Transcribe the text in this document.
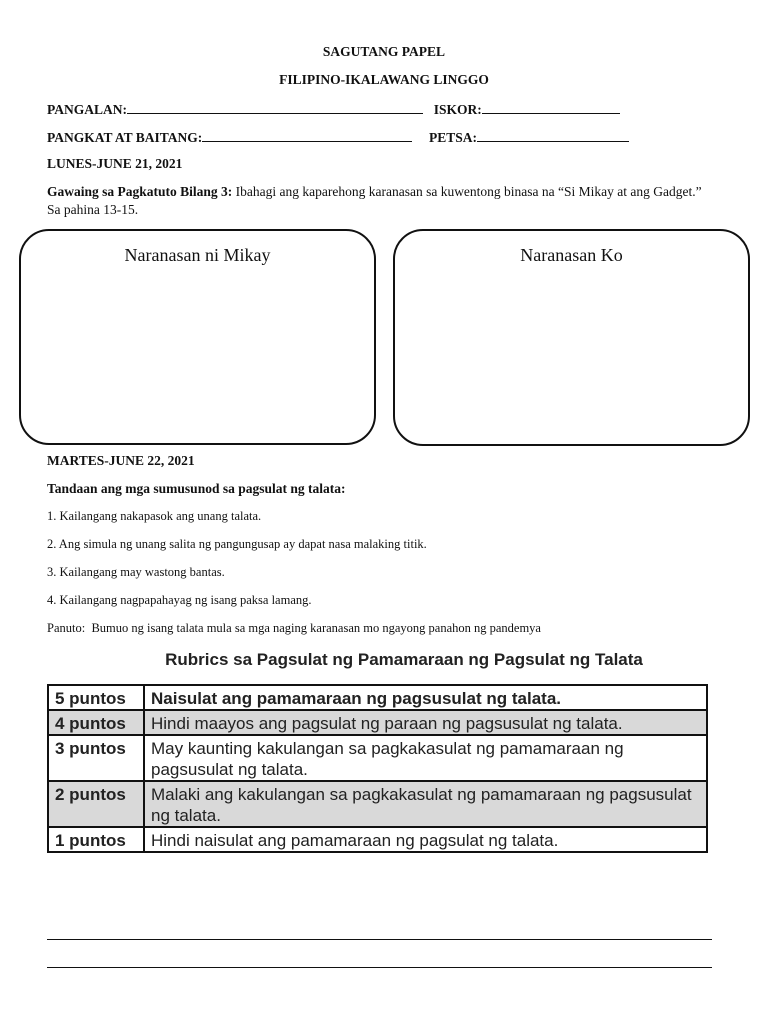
SAGUTANG PAPEL
FILIPINO-IKALAWANG LINGGO
PANGALAN:	ISKOR:
PANGKAT AT BAITANG:	PETSA:
LUNES-JUNE 21, 2021
Gawaing sa Pagkatuto Bilang 3: Ibahagi ang kaparehong karanasan sa kuwentong binasa na “Si Mikay at ang Gadget.” Sa pahina 13-15.
Naranasan ni Mikay	Naranasan Ko
MARTES-JUNE 22, 2021
Tandaan ang mga sumusunod sa pagsulat ng talata:
1. Kailangang nakapasok ang unang talata.
2. Ang simula ng unang salita ng pangungusap ay dapat nasa malaking titik.
3. Kailangang may wastong bantas.
4. Kailangang nagpapahayag ng isang paksa lamang.
Panuto:  Bumuo ng isang talata mula sa mga naging karanasan mo ngayong panahon ng pandemya
Rubrics sa Pagsulat ng Pamamaraan ng Pagsulat ng Talata
5 puntos	Naisulat ang pamamaraan ng pagsusulat ng talata.
4 puntos	Hindi maayos ang pagsulat ng paraan ng pagsusulat ng talata.
3 puntos	May kaunting kakulangan sa pagkakasulat ng pamamaraan ng pagsusulat ng talata.
2 puntos	Malaki ang kakulangan sa pagkakasulat ng pamamaraan ng pagsusulat ng talata.
1 puntos	Hindi naisulat ang pamamaraan ng pagsulat ng talata.
